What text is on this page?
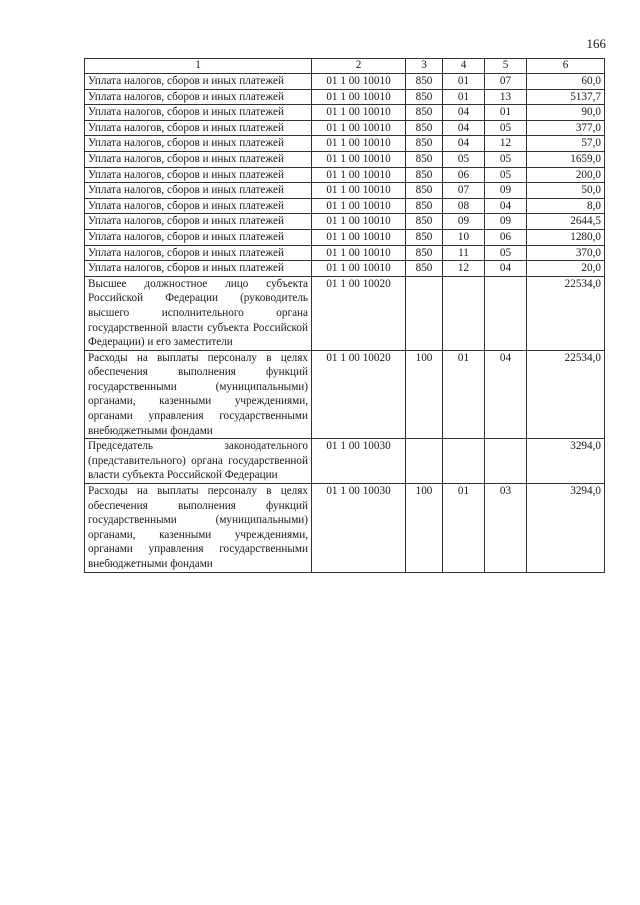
166
1	2	3	4	5	6
Уплата налогов, сборов и иных платежей	01 1 00 10010	850	01	07	60,0
Уплата налогов, сборов и иных платежей	01 1 00 10010	850	01	13	5137,7
Уплата налогов, сборов и иных платежей	01 1 00 10010	850	04	01	90,0
Уплата налогов, сборов и иных платежей	01 1 00 10010	850	04	05	377,0
Уплата налогов, сборов и иных платежей	01 1 00 10010	850	04	12	57,0
Уплата налогов, сборов и иных платежей	01 1 00 10010	850	05	05	1659,0
Уплата налогов, сборов и иных платежей	01 1 00 10010	850	06	05	200,0
Уплата налогов, сборов и иных платежей	01 1 00 10010	850	07	09	50,0
Уплата налогов, сборов и иных платежей	01 1 00 10010	850	08	04	8,0
Уплата налогов, сборов и иных платежей	01 1 00 10010	850	09	09	2644,5
Уплата налогов, сборов и иных платежей	01 1 00 10010	850	10	06	1280,0
Уплата налогов, сборов и иных платежей	01 1 00 10010	850	11	05	370,0
Уплата налогов, сборов и иных платежей	01 1 00 10010	850	12	04	20,0
Высшее должностное лицо субъекта Российской Федерации (руководитель высшего исполнительного органа государственной власти субъекта Российской Федерации) и его заместители	01 1 00 10020				22534,0
Расходы на выплаты персоналу в целях обеспечения выполнения функций государственными (муниципальными) органами, казенными учреждениями, органами управления государственными внебюджетными фондами	01 1 00 10020	100	01	04	22534,0
Председатель законодательного (представительного) органа государственной власти субъекта Российской Федерации	01 1 00 10030				3294,0
Расходы на выплаты персоналу в целях обеспечения выполнения функций государственными (муниципальными) органами, казенными учреждениями, органами управления государственными внебюджетными фондами	01 1 00 10030	100	01	03	3294,0
